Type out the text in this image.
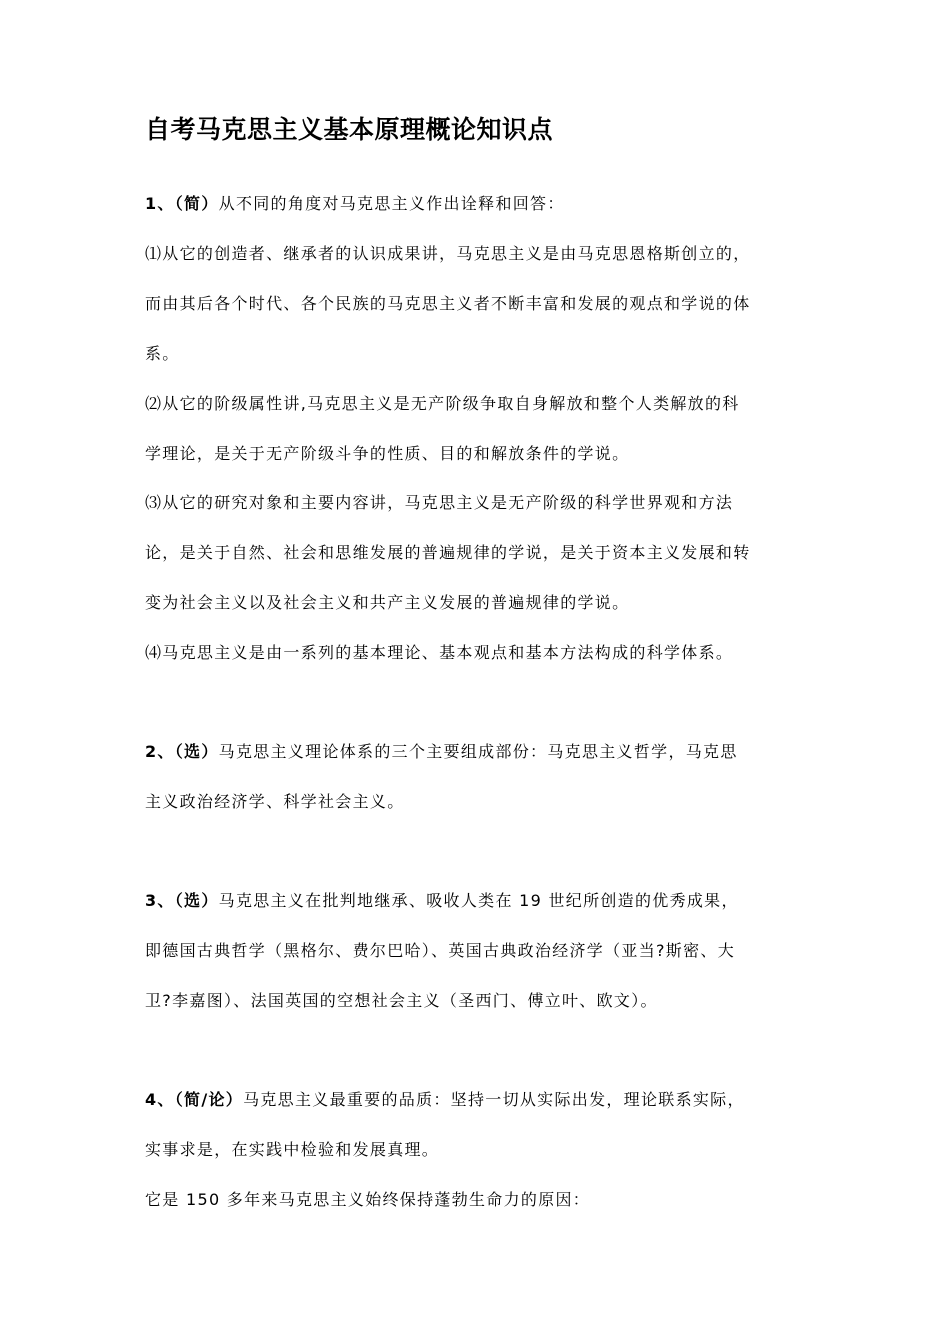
自考马克思主义基本原理概论知识点
1、（简）从不同的角度对马克思主义作出诠释和回答：
⑴从它的创造者、继承者的认识成果讲，马克思主义是由马克思恩格斯创立的，
而由其后各个时代、各个民族的马克思主义者不断丰富和发展的观点和学说的体
系。
⑵从它的阶级属性讲,马克思主义是无产阶级争取自身解放和整个人类解放的科
学理论，是关于无产阶级斗争的性质、目的和解放条件的学说。
⑶从它的研究对象和主要内容讲，马克思主义是无产阶级的科学世界观和方法
论，是关于自然、社会和思维发展的普遍规律的学说，是关于资本主义发展和转
变为社会主义以及社会主义和共产主义发展的普遍规律的学说。
⑷马克思主义是由一系列的基本理论、基本观点和基本方法构成的科学体系。
2、（选）马克思主义理论体系的三个主要组成部份：马克思主义哲学，马克思
主义政治经济学、科学社会主义。
3、（选）马克思主义在批判地继承、吸收人类在 19 世纪所创造的优秀成果，
即德国古典哲学（黑格尔、费尔巴哈）、英国古典政治经济学（亚当?斯密、大
卫?李嘉图）、法国英国的空想社会主义（圣西门、傅立叶、欧文）。
4、（简/论）马克思主义最重要的品质：坚持一切从实际出发，理论联系实际，
实事求是，在实践中检验和发展真理。
它是 150 多年来马克思主义始终保持蓬勃生命力的原因：
